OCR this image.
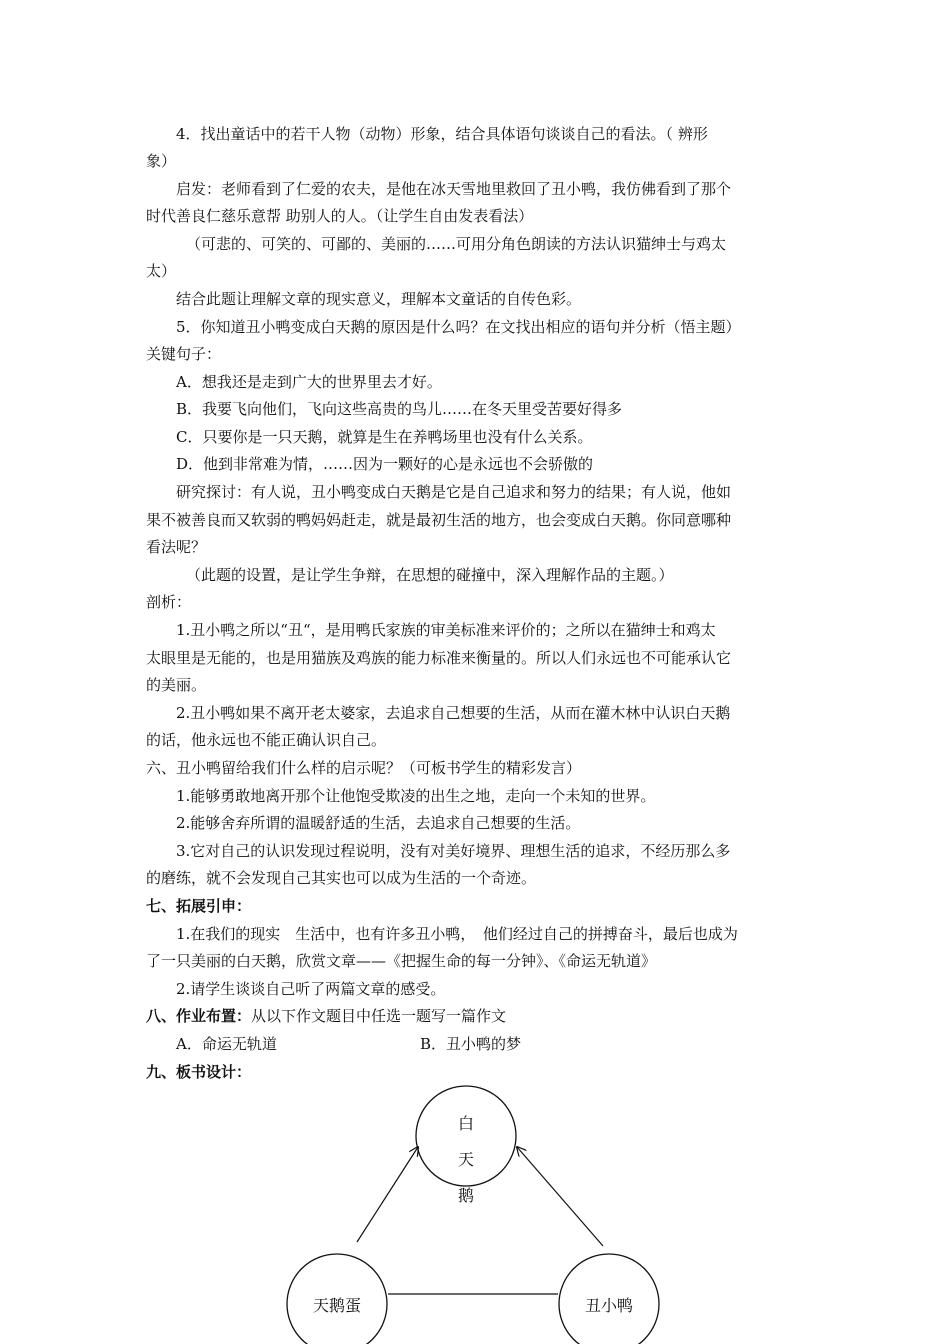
4．找出童话中的若干人物（动物）形象，结合具体语句谈谈自己的看法。（ 辨形
象）
启发：老师看到了仁爱的农夫，是他在冰天雪地里救回了丑小鸭，我仿佛看到了那个
时代善良仁慈乐意帮 助别人的人。（让学生自由发表看法）
（可悲的、可笑的、可鄙的、美丽的……可用分角色朗读的方法认识猫绅士与鸡太
太）
结合此题让理解文章的现实意义，理解本文童话的自传色彩。
5．你知道丑小鸭变成白天鹅的原因是什么吗？在文找出相应的语句并分析（悟主题）
关键句子：
A．想我还是走到广大的世界里去才好。
B．我要飞向他们，飞向这些高贵的鸟儿……在冬天里受苦要好得多
C．只要你是一只天鹅，就算是生在养鸭场里也没有什么关系。
D．他到非常难为情，……因为一颗好的心是永远也不会骄傲的
研究探讨：有人说，丑小鸭变成白天鹅是它是自己追求和努力的结果；有人说，他如
果不被善良而又软弱的鸭妈妈赶走，就是最初生活的地方，也会变成白天鹅。你同意哪种
看法呢？
（此题的设置，是让学生争辩，在思想的碰撞中，深入理解作品的主题。）
剖析：
1.丑小鸭之所以“丑“，是用鸭氏家族的审美标准来评价的；之所以在猫绅士和鸡太
太眼里是无能的，也是用猫族及鸡族的能力标准来衡量的。所以人们永远也不可能承认它
的美丽。
2.丑小鸭如果不离开老太婆家，去追求自己想要的生活，从而在灌木林中认识白天鹅
的话，他永远也不能正确认识自己。
六、丑小鸭留给我们什么样的启示呢？（可板书学生的精彩发言）
1.能够勇敢地离开那个让他饱受欺凌的出生之地，走向一个未知的世界。
2.能够舍弃所谓的温暖舒适的生活，去追求自己想要的生活。
3.它对自己的认识发现过程说明，没有对美好境界、理想生活的追求，不经历那么多
的磨练，就不会发现自己其实也可以成为生活的一个奇迹。
七、拓展引申：
1.在我们的现实　生活中，也有许多丑小鸭，　他们经过自己的拼搏奋斗，最后也成为
了一只美丽的白天鹅，欣赏文章——《把握生命的每一分钟》、《命运无轨道》
2.请学生谈谈自己听了两篇文章的感受。
八、作业布置：从以下作文题目中任选一题写一篇作文
A．命运无轨道	B．丑小鸭的梦
九、板书设计：
白
天
鹅
天鹅蛋	丑小鸭
